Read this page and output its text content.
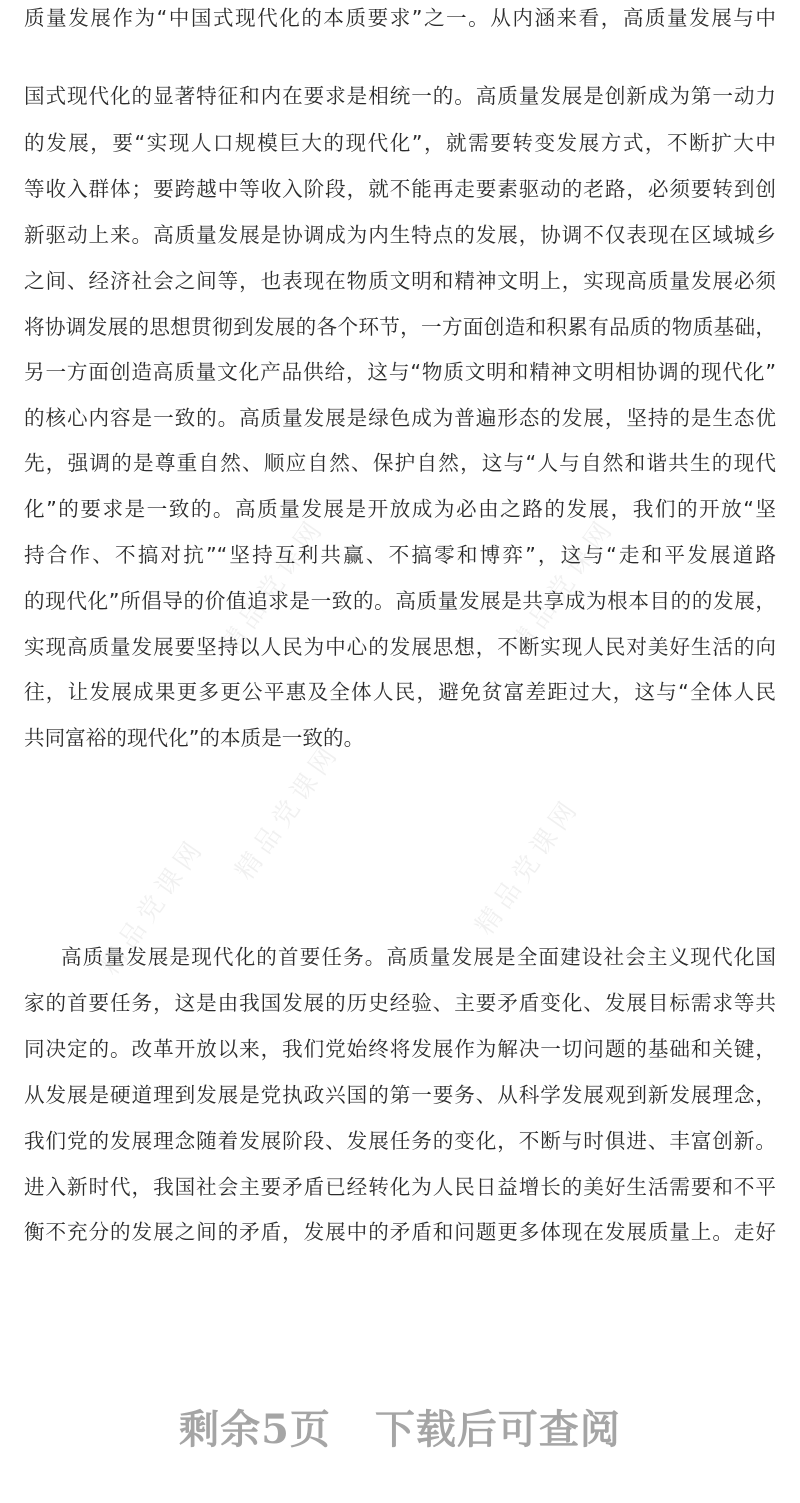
精品党课网	精品党课网
精品党课网	精品党课网
精品党课网
质量发展作为“中国式现代化的本质要求”之一。从内涵来看，高质量发展与中
国式现代化的显著特征和内在要求是相统一的。高质量发展是创新成为第一动力
的发展，要“实现人口规模巨大的现代化”，就需要转变发展方式，不断扩大中
等收入群体；要跨越中等收入阶段，就不能再走要素驱动的老路，必须要转到创
新驱动上来。高质量发展是协调成为内生特点的发展，协调不仅表现在区域城乡
之间、经济社会之间等，也表现在物质文明和精神文明上，实现高质量发展必须
将协调发展的思想贯彻到发展的各个环节，一方面创造和积累有品质的物质基础，
另一方面创造高质量文化产品供给，这与“物质文明和精神文明相协调的现代化”
的核心内容是一致的。高质量发展是绿色成为普遍形态的发展，坚持的是生态优
先，强调的是尊重自然、顺应自然、保护自然，这与“人与自然和谐共生的现代
化”的要求是一致的。高质量发展是开放成为必由之路的发展，我们的开放“坚
持合作、不搞对抗”“坚持互利共赢、不搞零和博弈”，这与“走和平发展道路
的现代化”所倡导的价值追求是一致的。高质量发展是共享成为根本目的的发展，
实现高质量发展要坚持以人民为中心的发展思想，不断实现人民对美好生活的向
往，让发展成果更多更公平惠及全体人民，避免贫富差距过大，这与“全体人民
共同富裕的现代化”的本质是一致的。
高质量发展是现代化的首要任务。高质量发展是全面建设社会主义现代化国
家的首要任务，这是由我国发展的历史经验、主要矛盾变化、发展目标需求等共
同决定的。改革开放以来，我们党始终将发展作为解决一切问题的基础和关键，
从发展是硬道理到发展是党执政兴国的第一要务、从科学发展观到新发展理念，
我们党的发展理念随着发展阶段、发展任务的变化，不断与时俱进、丰富创新。
进入新时代，我国社会主要矛盾已经转化为人民日益增长的美好生活需要和不平
衡不充分的发展之间的矛盾，发展中的矛盾和问题更多体现在发展质量上。走好
剩余5页 下载后可查阅
